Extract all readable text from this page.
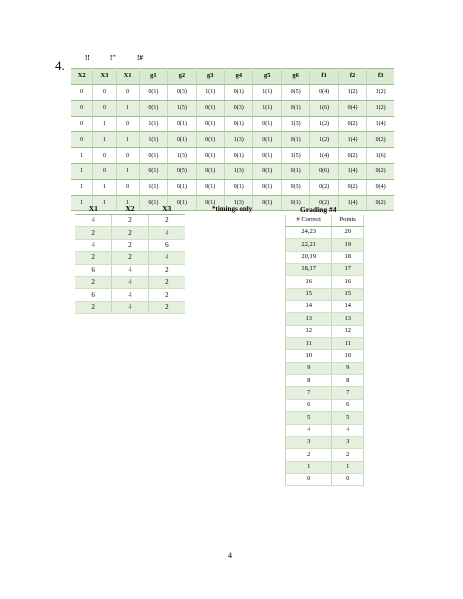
4.	!!	!"	!#
X2	X3	X1	g1	g2	g3	g4	g5	g6	f1	f2	f3
0	0	0	0(1)	0(3)	1(1)	0(1)	1(1)	0(5)	0(4)	1(2)	1(2)
0	0	1	0(1)	1(5)	0(1)	0(3)	1(1)	0(1)	1(6)	0(4)	1(2)
0	1	0	1(1)	0(1)	0(1)	0(1)	0(1)	1(3)	1(2)	0(2)	1(4)
0	1	1	1(1)	0(1)	0(1)	1(3)	0(1)	0(1)	1(2)	1(4)	0(2)
1	0	0	0(1)	1(3)	0(1)	0(1)	0(1)	1(5)	1(4)	0(2)	1(6)
1	0	1	0(1)	0(5)	0(1)	1(3)	0(1)	0(1)	0(6)	1(4)	0(2)
1	1	0	1(1)	0(1)	0(1)	0(1)	0(1)	0(3)	0(2)	0(2)	0(4)
1	1	1	0(1)	0(1)	0(1)	1(3)	0(1)	0(1)	0(2)	1(4)	0(2)
X1	X2	X3
4	2	2
2	2	4
4	2	6
2	2	4
6	4	2
2	4	2
6	4	2
2	4	2
*timings only	Grading #4
# Correct	Points
24,23	20
22,21	19
20,19	18
18,17	17
16	16
15	15
14	14
13	13
12	12
11	11
10	10
9	9
8	8
7	7
6	6
5	5
4	4
3	3
2	2
1	1
0	0
4
